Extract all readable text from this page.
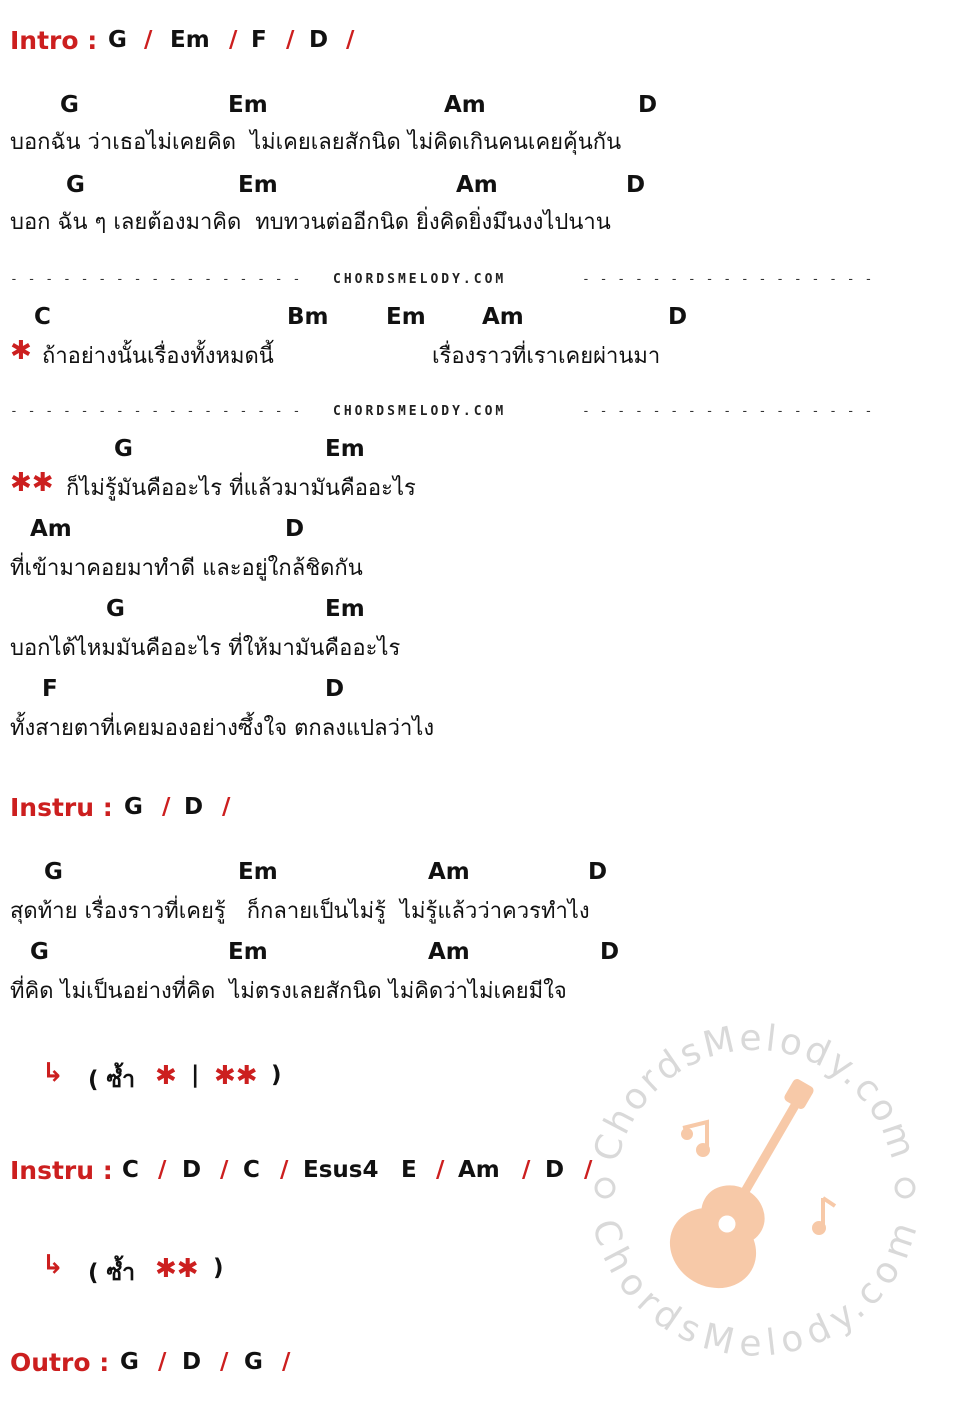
Intro : G / Em / F / D /
G	Em	Am	D
บอกฉัน ว่าเธอไม่เคยคิด  ไม่เคยเลยสักนิด ไม่คิดเกินคนเคยคุ้นกัน
G	Em	Am	D
บอก ฉัน ๆ เลยต้องมาคิด  ทบทวนต่ออีกนิด ยิ่งคิดยิ่งมึนงงไปนาน
- - - - - - - - - - - - - - - - - CHORDSMELODY.COM	- - - - - - - - - - - - - - - - -
C	Bm	Em Am	D
✱ ถ้าอย่างนั้นเรื่องทั้งหมดนี้	เรื่องราวที่เราเคยผ่านมา
- - - - - - - - - - - - - - - - - CHORDSMELODY.COM	- - - - - - - - - - - - - - - - -
G	Em
✱✱ ก็ไม่รู้มันคืออะไร ที่แล้วมามันคืออะไร
Am	D
ที่เข้ามาคอยมาทำดี และอยู่ใกล้ชิดกัน
G	Em
บอกได้ไหมมันคืออะไร ที่ให้มามันคืออะไร
F	D
ทั้งสายตาที่เคยมองอย่างซึ้งใจ ตกลงแปลว่าไง
Instru : G / D /
G	Em	Am	D
สุดท้าย เรื่องราวที่เคยรู้   ก็กลายเป็นไม่รู้  ไม่รู้แล้วว่าควรทำไง
G	Em	Am	D
ที่คิด ไม่เป็นอย่างที่คิด  ไม่ตรงเลยสักนิด ไม่คิดว่าไม่เคยมีใจ
↳ ( ซ้ำ ✱ | ✱✱ )
Instru : C / D / C / Esus4 E / Am / D /
↳ ( ซ้ำ ✱✱ )
Outro : G / D / G /
ChordsMelody.com
ChordsMelody.com
